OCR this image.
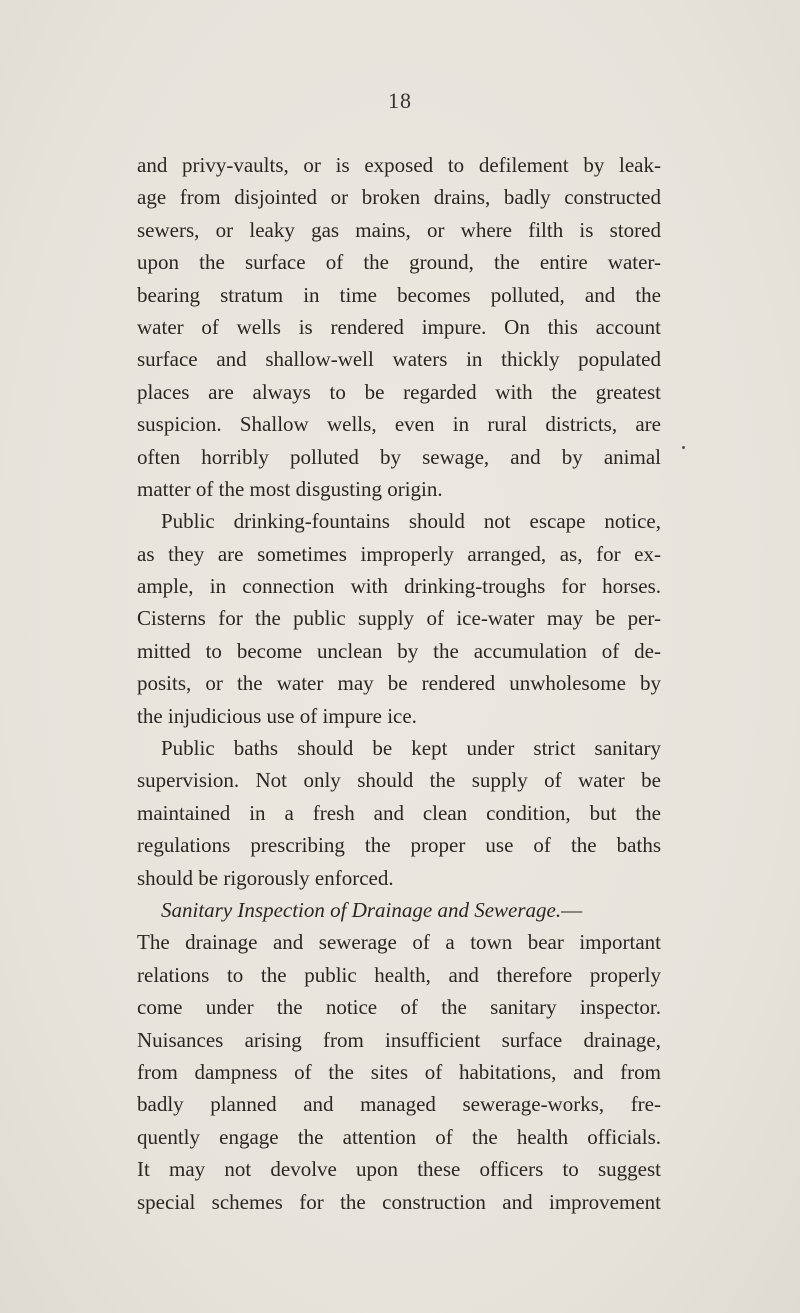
18
and privy-vaults, or is exposed to defilement by leak-
age from disjointed or broken drains, badly constructed
sewers, or leaky gas mains, or where filth is stored
upon the surface of the ground, the entire water-
bearing stratum in time becomes polluted, and the
water of wells is rendered impure. On this account
surface and shallow-well waters in thickly populated
places are always to be regarded with the greatest
suspicion. Shallow wells, even in rural districts, are
often horribly polluted by sewage, and by animal
matter of the most disgusting origin.
Public drinking-fountains should not escape notice,
as they are sometimes improperly arranged, as, for ex-
ample, in connection with drinking-troughs for horses.
Cisterns for the public supply of ice-water may be per-
mitted to become unclean by the accumulation of de-
posits, or the water may be rendered unwholesome by
the injudicious use of impure ice.
Public baths should be kept under strict sanitary
supervision. Not only should the supply of water be
maintained in a fresh and clean condition, but the
regulations prescribing the proper use of the baths
should be rigorously enforced.
Sanitary Inspection of Drainage and Sewerage.—
The drainage and sewerage of a town bear important
relations to the public health, and therefore properly
come under the notice of the sanitary inspector.
Nuisances arising from insufficient surface drainage,
from dampness of the sites of habitations, and from
badly planned and managed sewerage-works, fre-
quently engage the attention of the health officials.
It may not devolve upon these officers to suggest
special schemes for the construction and improvement
